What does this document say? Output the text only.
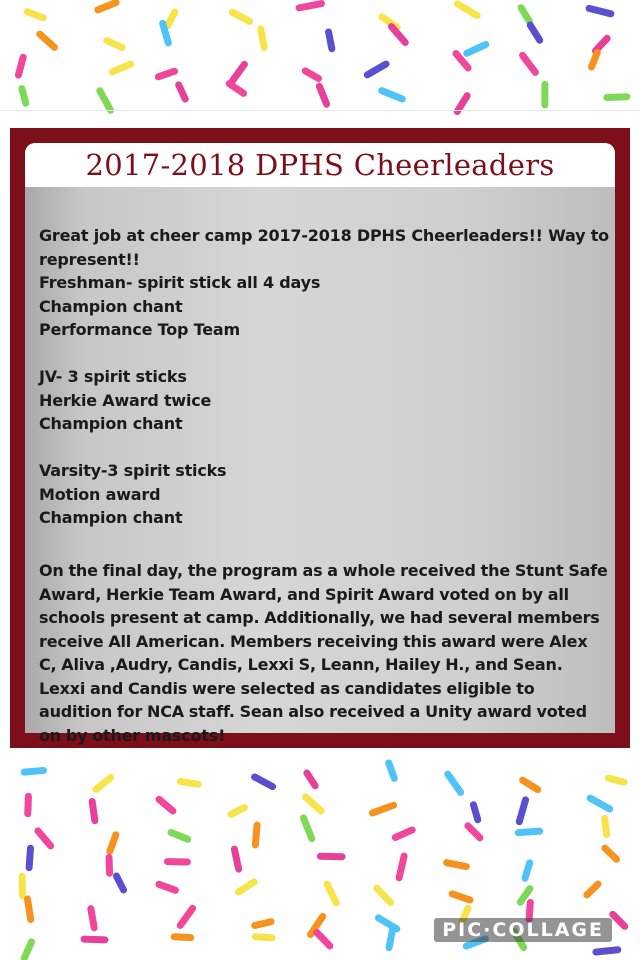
2017-2018 DPHS Cheerleaders

Great job at cheer camp 2017-2018 DPHS Cheerleaders!! Way to represent!!

Freshman- spirit stick all 4 days

Champion chant

Performance Top Team

JV- 3 spirit sticks

Herkie Award twice

Champion chant

Varsity-3 spirit sticks

Motion award

Champion chant

On the final day, the program as a whole received the Stunt Safe Award, Herkie Team Award, and Spirit Award voted on by all schools present at camp. Additionally, we had several members receive All American. Members receiving this award were Alex C, Aliva ,Audry, Candis, Lexxi S, Leann, Hailey H., and Sean. Lexxi and Candis were selected as candidates eligible to audition for NCA staff. Sean also received a Unity award voted on by other mascots!

PIC·COLLAGE
